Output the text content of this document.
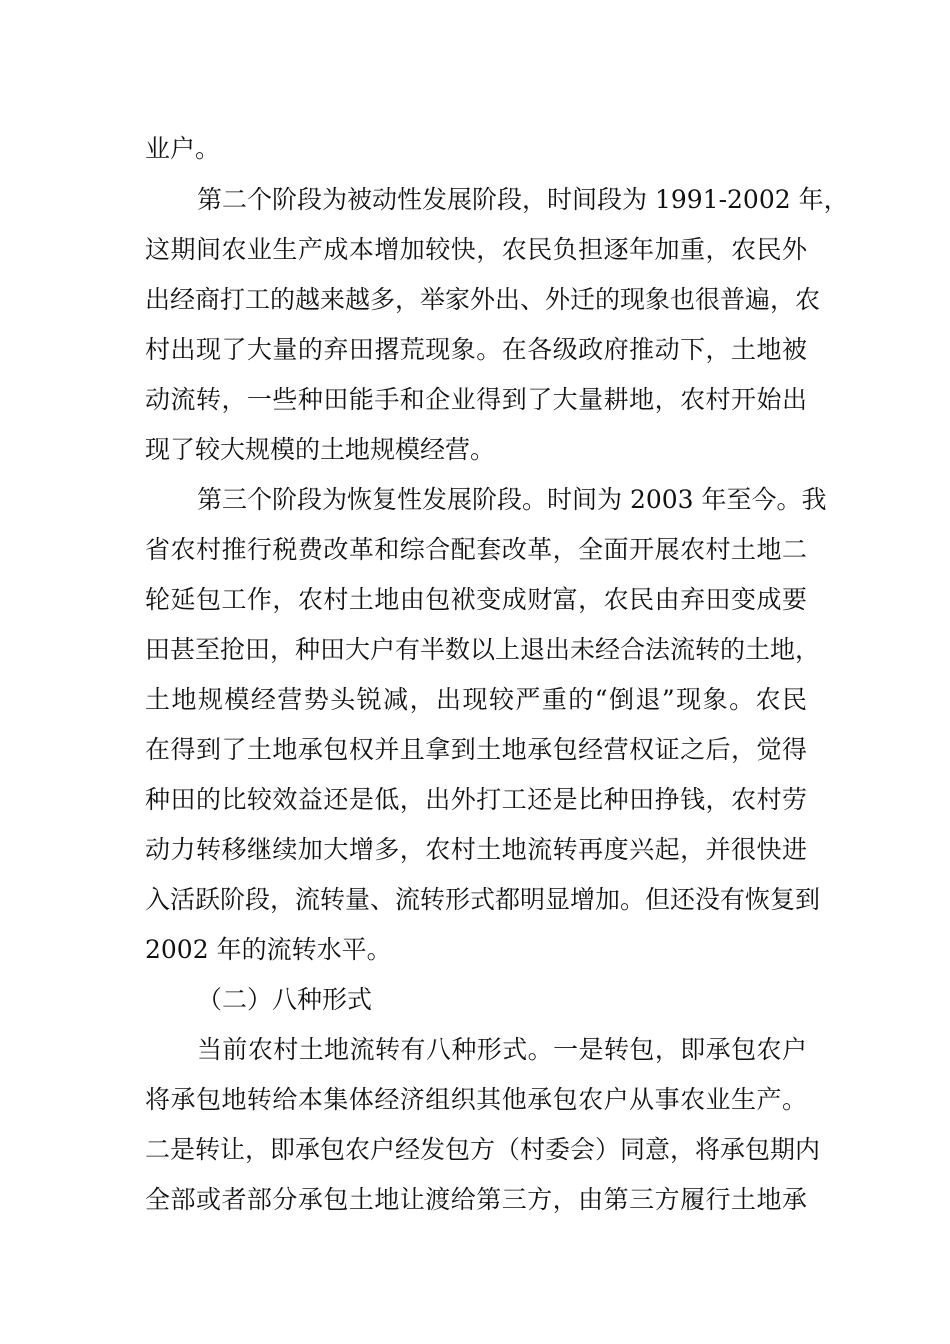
业户。
第二个阶段为被动性发展阶段，时间段为 1991-2002 年，
这期间农业生产成本增加较快，农民负担逐年加重，农民外
出经商打工的越来越多，举家外出、外迁的现象也很普遍，农
村出现了大量的弃田撂荒现象。在各级政府推动下，土地被
动流转，一些种田能手和企业得到了大量耕地，农村开始出
现了较大规模的土地规模经营。
第三个阶段为恢复性发展阶段。时间为 2003 年至今。我
省农村推行税费改革和综合配套改革，全面开展农村土地二
轮延包工作，农村土地由包袱变成财富，农民由弃田变成要
田甚至抢田，种田大户有半数以上退出未经合法流转的土地，
土地规模经营势头锐减，出现较严重的“倒退”现象。农民
在得到了土地承包权并且拿到土地承包经营权证之后，觉得
种田的比较效益还是低，出外打工还是比种田挣钱，农村劳
动力转移继续加大增多，农村土地流转再度兴起，并很快进
入活跃阶段，流转量、流转形式都明显增加。但还没有恢复到
2002 年的流转水平。
（二）八种形式
当前农村土地流转有八种形式。一是转包，即承包农户
将承包地转给本集体经济组织其他承包农户从事农业生产。
二是转让，即承包农户经发包方（村委会）同意，将承包期内
全部或者部分承包土地让渡给第三方，由第三方履行土地承
